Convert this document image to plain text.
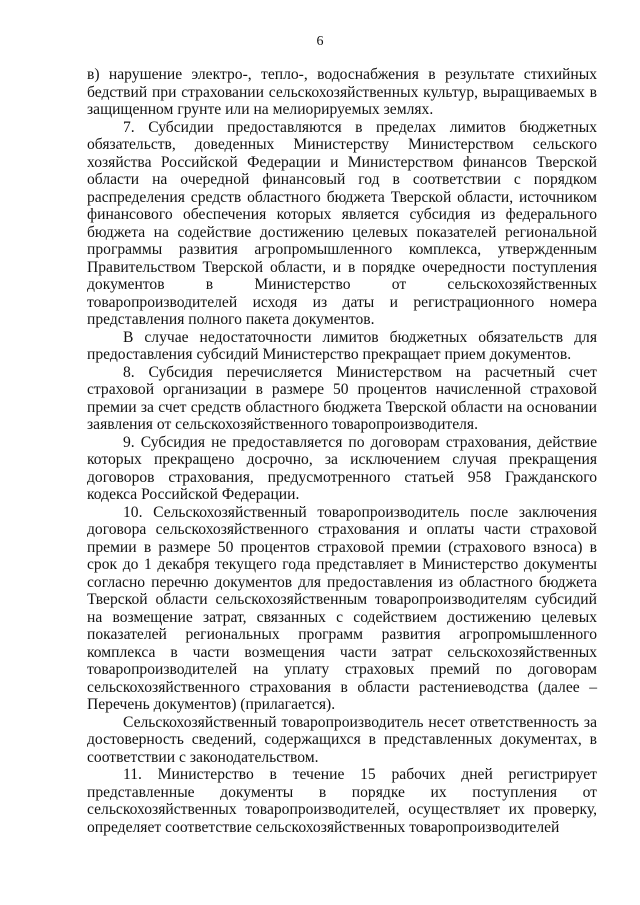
6

в) нарушение электро-, тепло-, водоснабжения в результате стихийных бедствий при страховании сельскохозяйственных культур, выращиваемых в защищенном грунте или на мелиорируемых землях.

7. Субсидии предоставляются в пределах лимитов бюджетных обязательств, доведенных Министерству Министерством сельского хозяйства Российской Федерации и Министерством финансов Тверской области на очередной финансовый год в соответствии с порядком распределения средств областного бюджета Тверской области, источником финансового обеспечения которых является субсидия из федерального бюджета на содействие достижению целевых показателей региональной программы развития агропромышленного комплекса, утвержденным Правительством Тверской области, и в порядке очередности поступления документов в Министерство от сельскохозяйственных товаропроизводителей исходя из даты и регистрационного номера представления полного пакета документов.

В случае недостаточности лимитов бюджетных обязательств для предоставления субсидий Министерство прекращает прием документов.

8. Субсидия перечисляется Министерством на расчетный счет страховой организации в размере 50 процентов начисленной страховой премии за счет средств областного бюджета Тверской области на основании заявления от сельскохозяйственного товаропроизводителя.

9. Субсидия не предоставляется по договорам страхования, действие которых прекращено досрочно, за исключением случая прекращения договоров страхования, предусмотренного статьей 958 Гражданского кодекса Российской Федерации.

10. Сельскохозяйственный товаропроизводитель после заключения договора сельскохозяйственного страхования и оплаты части страховой премии в размере 50 процентов страховой премии (страхового взноса) в срок до 1 декабря текущего года представляет в Министерство документы согласно перечню документов для предоставления из областного бюджета Тверской области сельскохозяйственным товаропроизводителям субсидий на возмещение затрат, связанных с содействием достижению целевых показателей региональных программ развития агропромышленного комплекса в части возмещения части затрат сельскохозяйственных товаропроизводителей на уплату страховых премий по договорам сельскохозяйственного страхования в области растениеводства (далее – Перечень документов) (прилагается).

Сельскохозяйственный товаропроизводитель несет ответственность за достоверность сведений, содержащихся в представленных документах, в соответствии с законодательством.

11. Министерство в течение 15 рабочих дней регистрирует представленные документы в порядке их поступления от сельскохозяйственных товаропроизводителей, осуществляет их проверку, определяет соответствие сельскохозяйственных товаропроизводителей
